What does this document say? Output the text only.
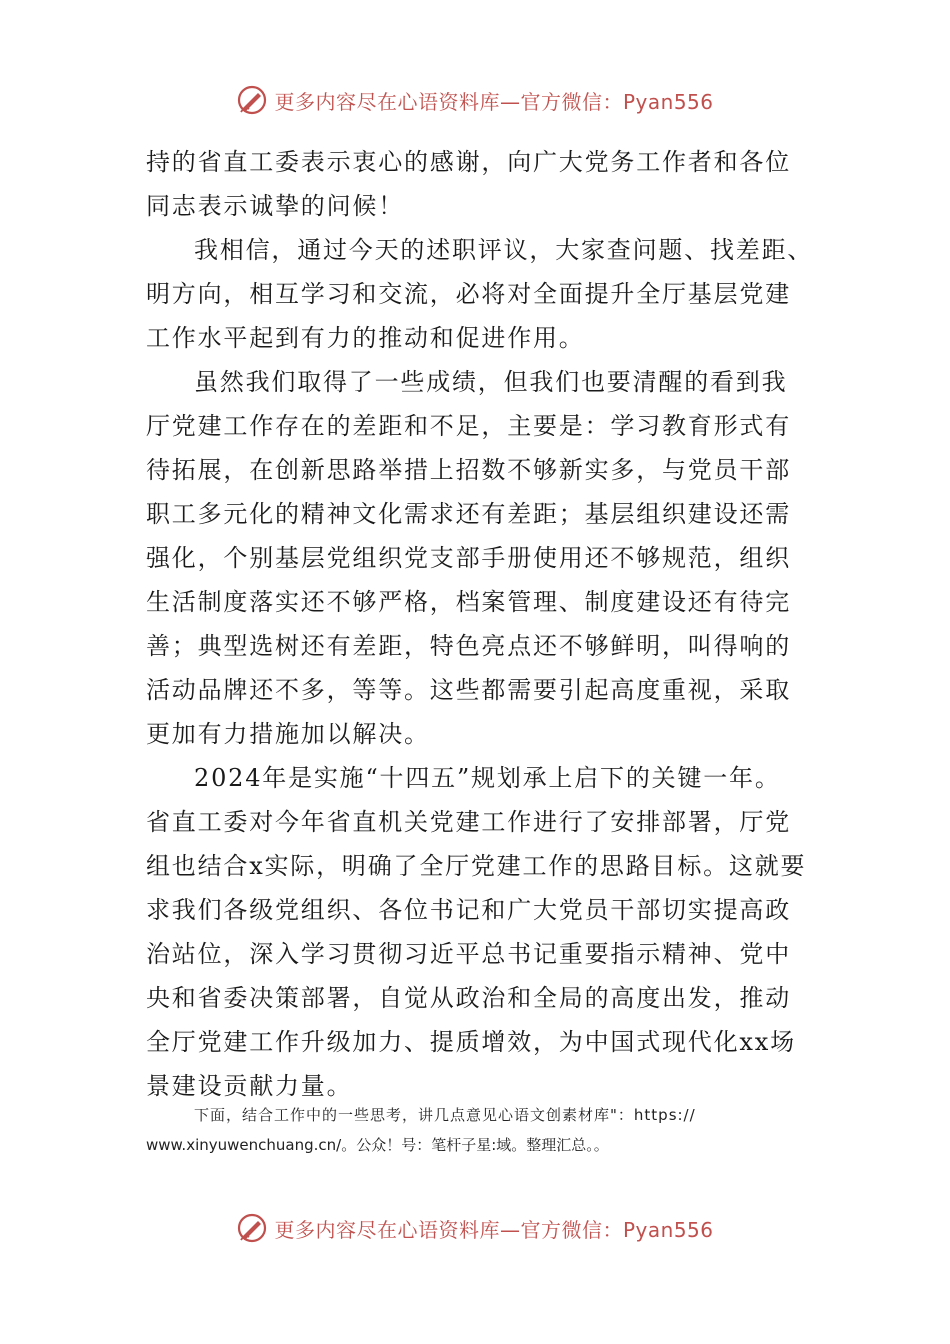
更多内容尽在心语资料库—官方微信：Pyan556
持的省直工委表示衷心的感谢，向广大党务工作者和各位
同志表示诚挚的问候！
我相信，通过今天的述职评议，大家查问题、找差距、
明方向，相互学习和交流，必将对全面提升全厅基层党建
工作水平起到有力的推动和促进作用。
虽然我们取得了一些成绩，但我们也要清醒的看到我
厅党建工作存在的差距和不足，主要是：学习教育形式有
待拓展，在创新思路举措上招数不够新实多，与党员干部
职工多元化的精神文化需求还有差距；基层组织建设还需
强化，个别基层党组织党支部手册使用还不够规范，组织
生活制度落实还不够严格，档案管理、制度建设还有待完
善；典型选树还有差距，特色亮点还不够鲜明，叫得响的
活动品牌还不多，等等。这些都需要引起高度重视，采取
更加有力措施加以解决。
2024年是实施“十四五”规划承上启下的关键一年。
省直工委对今年省直机关党建工作进行了安排部署，厅党
组也结合x实际，明确了全厅党建工作的思路目标。这就要
求我们各级党组织、各位书记和广大党员干部切实提高政
治站位，深入学习贯彻习近平总书记重要指示精神、党中
央和省委决策部署，自觉从政治和全局的高度出发，推动
全厅党建工作升级加力、提质增效，为中国式现代化xx场
景建设贡献力量。
下面，结合工作中的一些思考，讲几点意见心语文创素材库"：https://
www.xinyuwenchuang.cn/。公众！号：笔杆子星:域。整理汇总。。
更多内容尽在心语资料库—官方微信：Pyan556
